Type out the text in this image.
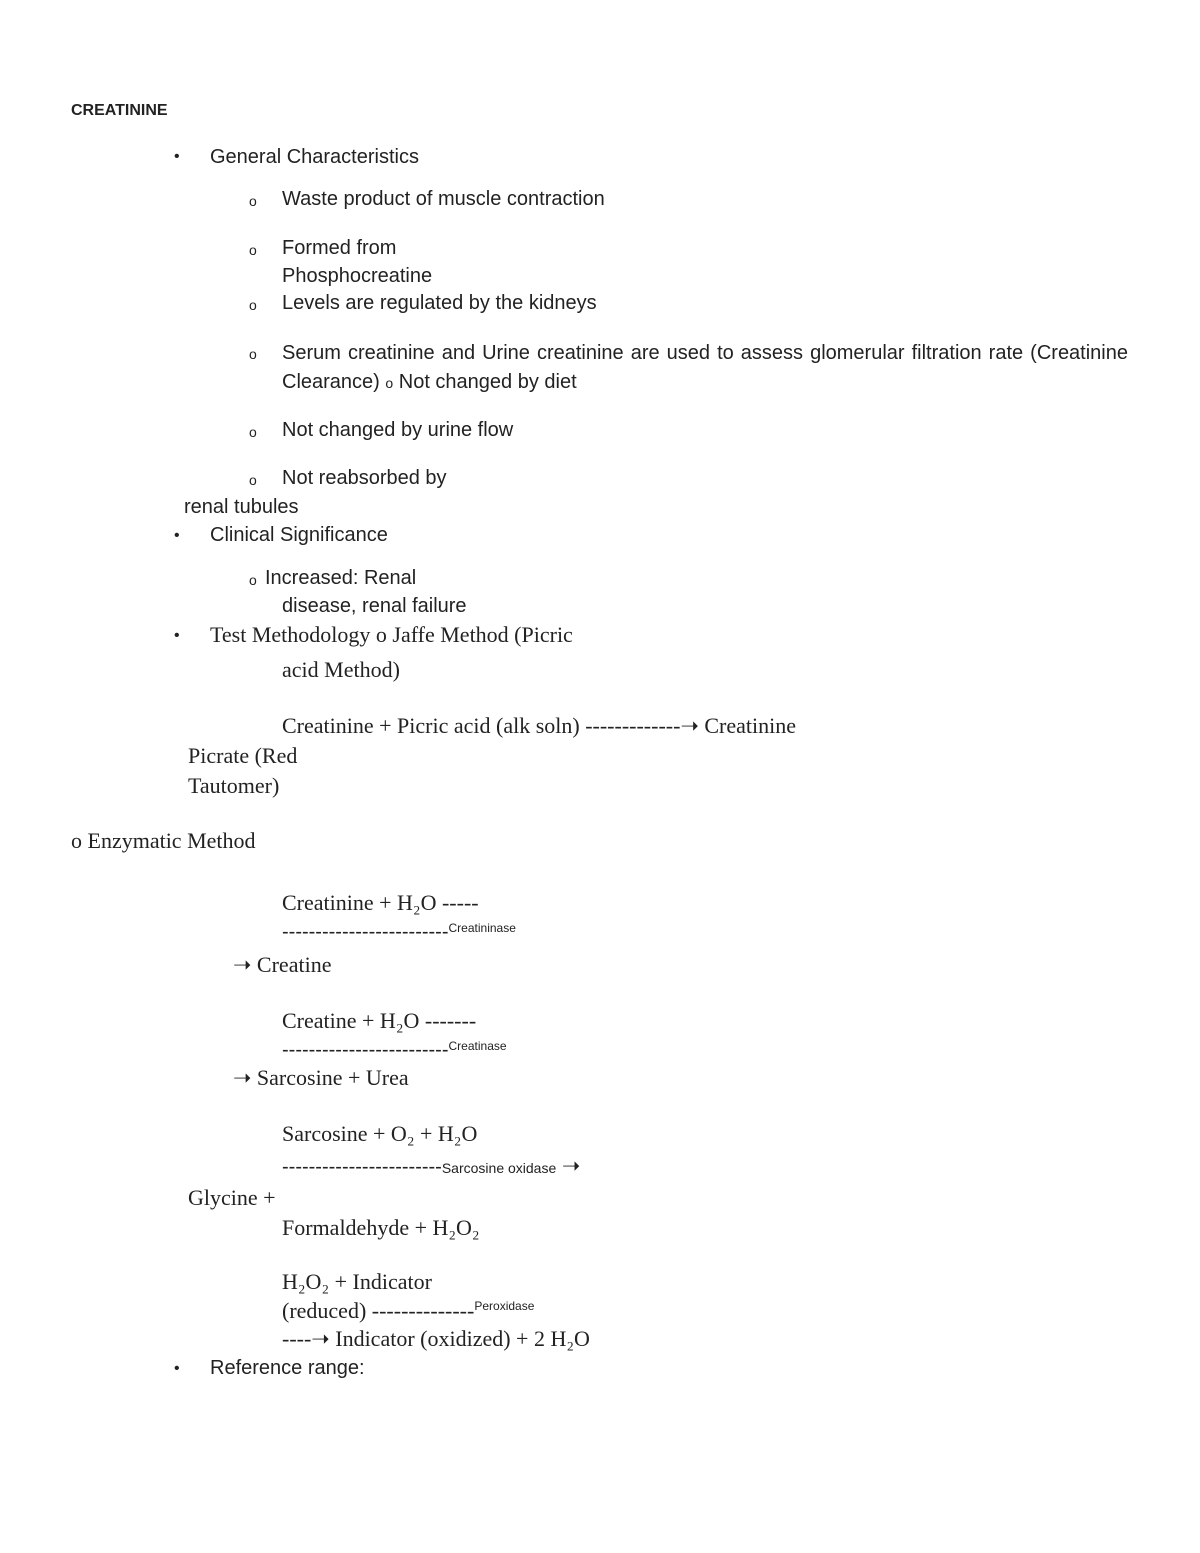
CREATININE
• General Characteristics
o Waste product of muscle contraction
o Formed from
Phosphocreatine
o Levels are regulated by the kidneys
o Serum creatinine and Urine creatinine are used to assess glomerular filtration rate (Creatinine Clearance) o Not changed by diet
o Not changed by urine flow
o Not reabsorbed by
renal tubules
• Clinical Significance
o Increased: Renal
disease, renal failure
• Test Methodology o Jaffe Method (Picric
acid Method)
Creatinine + Picric acid (alk soln) -------------➝ Creatinine
Picrate (Red
Tautomer)
o Enzymatic Method
Creatinine + H₂O -----
-------------------------$^{Creatininase}$
➝ Creatine
Creatine + H₂O -------
-------------------------$^{Creatinase}$
➝ Sarcosine + Urea
Sarcosine + O₂ + H₂O
------------------------Sarcosine oxidase ➝
Glycine +
Formaldehyde + H₂O₂
H₂O₂ + Indicator
(reduced) --------------$^{Peroxidase}$
----➝ Indicator (oxidized) + 2 H₂O
• Reference range:
